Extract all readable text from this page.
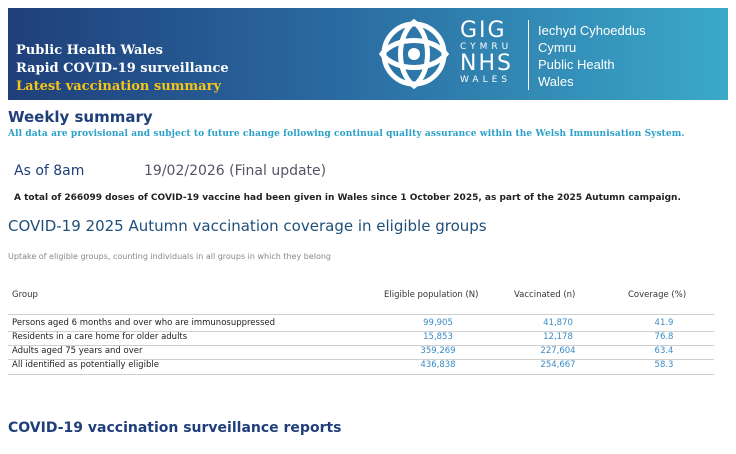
Public Health Wales
Rapid COVID-19 surveillance
Latest vaccination summary
GIG
CYMRU
NHS
WALES
Iechyd Cyhoeddus
Cymru
Public Health
Wales
Weekly summary
All data are provisional and subject to future change following continual quality assurance within the Welsh Immunisation System.
As of 8am	19/02/2026 (Final update)
A total of 266099 doses of COVID-19 vaccine had been given in Wales since 1 October 2025, as part of the 2025 Autumn campaign.
COVID-19 2025 Autumn vaccination coverage in eligible groups
Uptake of eligible groups, counting individuals in all groups in which they belong
Group	Eligible population (N)	Vaccinated (n)	Coverage (%)
Persons aged 6 months and over who are immunosuppressed	99,905	41,870	41.9
Residents in a care home for older adults	15,853	12,178	76.8
Adults aged 75 years and over	359,269	227,604	63.4
All identified as potentially eligible	436,838	254,667	58.3
COVID-19 vaccination surveillance reports
